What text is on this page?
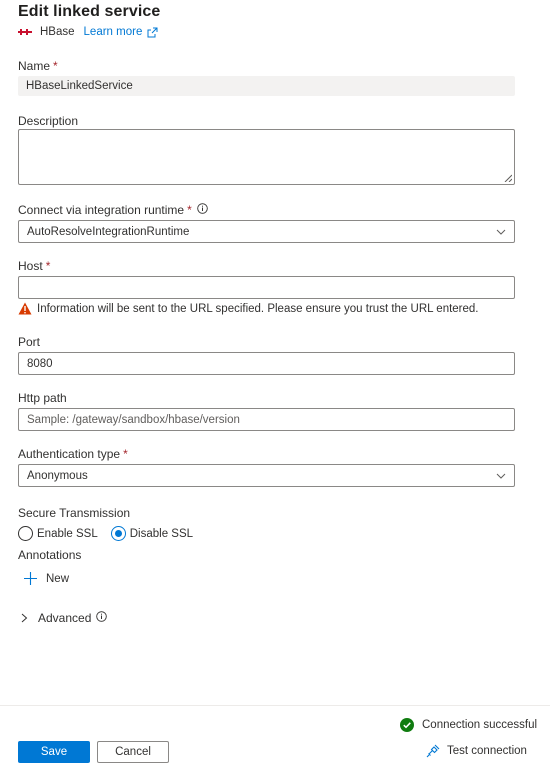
Edit linked service
HBase Learn more
Name *
HBaseLinkedService
Description
Connect via integration runtime *
AutoResolveIntegrationRuntime
Host *
Information will be sent to the URL specified. Please ensure you trust the URL entered.
Port
8080
Http path
Sample: /gateway/sandbox/hbase/version
Authentication type *
Anonymous
Secure Transmission
Enable SSL	Disable SSL
Annotations
New
Advanced
Connection successful
Save	Cancel	Test connection
